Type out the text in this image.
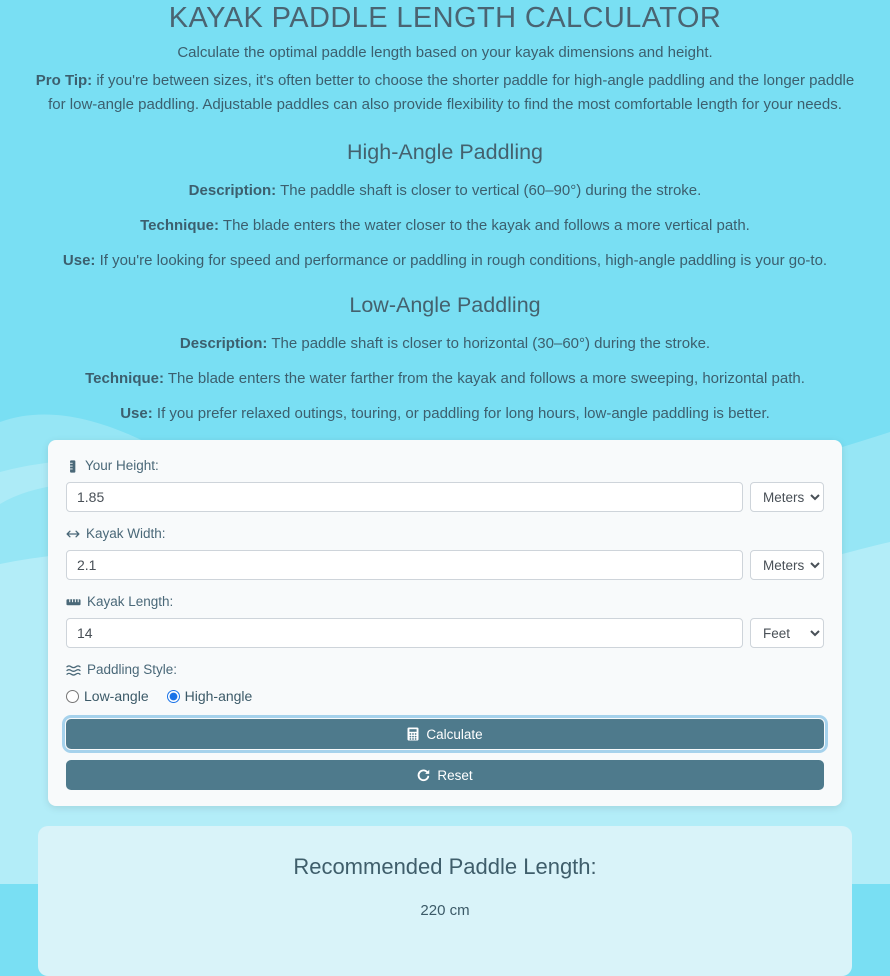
KAYAK PADDLE LENGTH CALCULATOR

Calculate the optimal paddle length based on your kayak dimensions and height.

Pro Tip: if you're between sizes, it's often better to choose the shorter paddle for high-angle paddling and the longer paddle for low-angle paddling. Adjustable paddles can also provide flexibility to find the most comfortable length for your needs.

High-Angle Paddling

Description: The paddle shaft is closer to vertical (60–90°) during the stroke.

Technique: The blade enters the water closer to the kayak and follows a more vertical path.

Use: If you're looking for speed and performance or paddling in rough conditions, high-angle paddling is your go-to.

Low-Angle Paddling

Description: The paddle shaft is closer to horizontal (30–60°) during the stroke.

Technique: The blade enters the water farther from the kayak and follows a more sweeping, horizontal path.

Use: If you prefer relaxed outings, touring, or paddling for long hours, low-angle paddling is better.

Your Height:
1.85
Meters
Kayak Width:
2.1
Meters
Kayak Length:
14
Feet
Paddling Style:
Low-angle	High-angle
Calculate
Reset
Recommended Paddle Length:

220 cm
